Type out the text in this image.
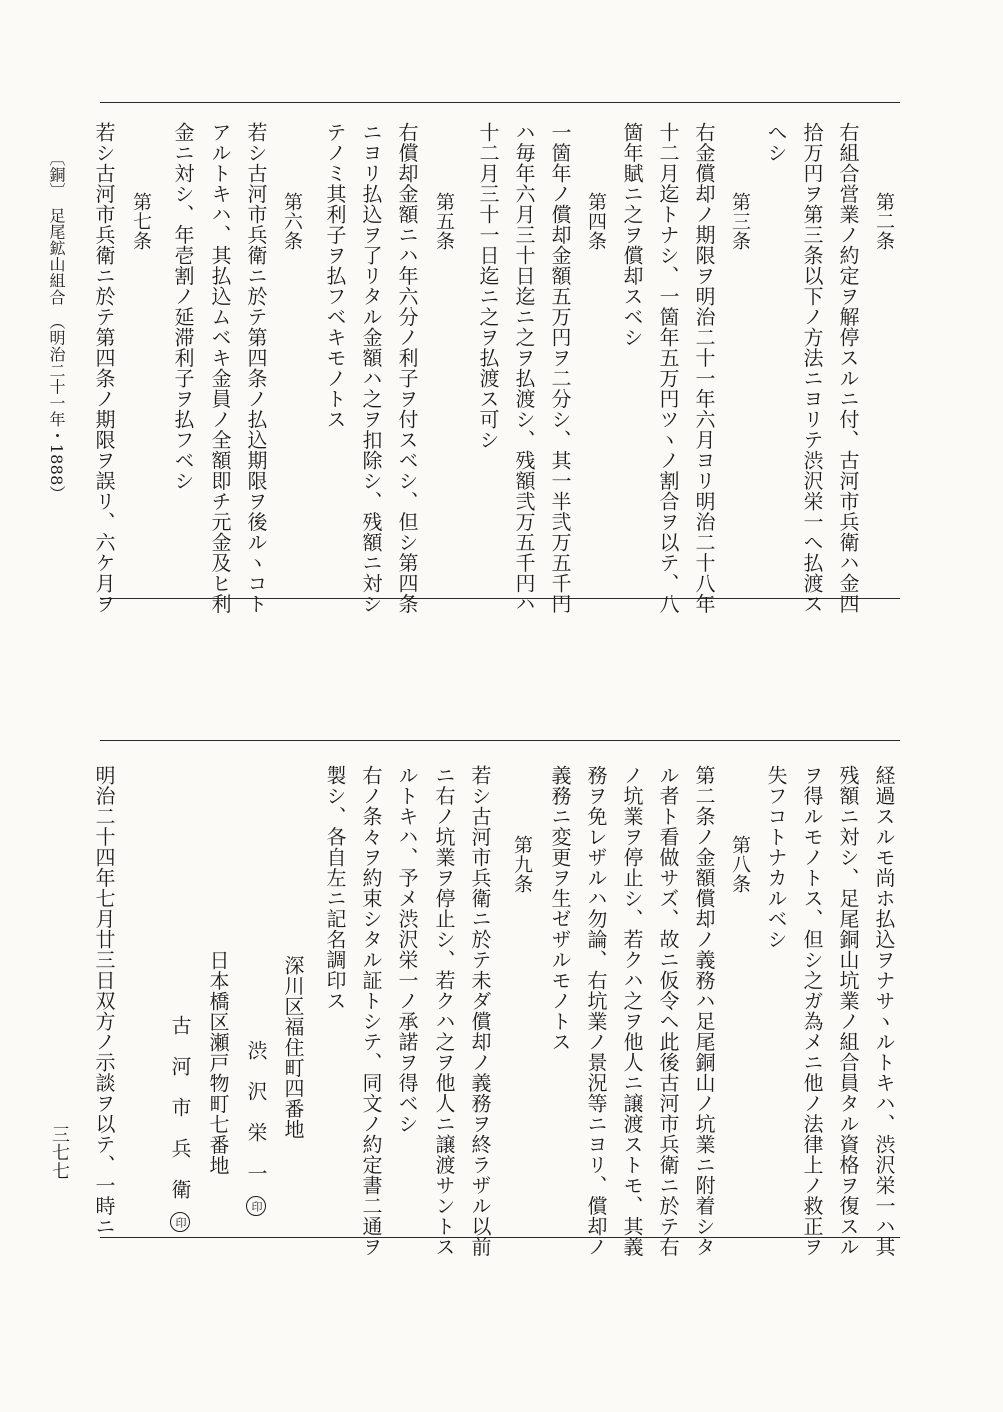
第二条
右組合営業ノ約定ヲ解停スルニ付、古河市兵衛ハ金四
拾万円ヲ第三条以下ノ方法ニヨリテ渋沢栄一へ払渡ス
へシ
第三条
右金償却ノ期限ヲ明治二十一年六月ヨリ明治二十八年
十二月迄トナシ、一箇年五万円ツヽノ割合ヲ以テ、八
箇年賦ニ之ヲ償却スベシ
第四条
一箇年ノ償却金額五万円ヲ二分シ、其一半弐万五千円
ハ毎年六月三十日迄ニ之ヲ払渡シ、残額弐万五千円ハ
十二月三十一日迄ニ之ヲ払渡ス可シ
第五条
右償却金額ニハ年六分ノ利子ヲ付スベシ、但シ第四条
ニヨリ払込ヲ了リタル金額ハ之ヲ扣除シ、残額ニ対シ
テノミ其利子ヲ払フベキモノトス
第六条
若シ古河市兵衛ニ於テ第四条ノ払込期限ヲ後ルヽコト
アルトキハ、其払込ムベキ金員ノ全額即チ元金及ヒ利
金ニ対シ、年壱割ノ延滞利子ヲ払フベシ
第七条
若シ古河市兵衛ニ於テ第四条ノ期限ヲ誤リ、六ケ月ヲ
〔銅〕　足尾鉱山組合　（明治二十一年・1888）
経過スルモ尚ホ払込ヲナサヽルトキハ、渋沢栄一ハ其
残額ニ対シ、足尾銅山坑業ノ組合員タル資格ヲ復スル
ヲ得ルモノトス、但シ之ガ為メニ他ノ法律上ノ救正ヲ
失フコトナカルベシ
第八条
第二条ノ金額償却ノ義務ハ足尾銅山ノ坑業ニ附着シタ
ル者ト看做サズ、故ニ仮令ヘ此後古河市兵衛ニ於テ右
ノ坑業ヲ停止シ、若クハ之ヲ他人ニ譲渡ストモ、其義
務ヲ免レザルハ勿論、右坑業ノ景況等ニヨリ、償却ノ
義務ニ変更ヲ生ゼザルモノトス
第九条
若シ古河市兵衛ニ於テ未ダ償却ノ義務ヲ終ラザル以前
ニ右ノ坑業ヲ停止シ、若クハ之ヲ他人ニ譲渡サントス
ルトキハ、予メ渋沢栄一ノ承諾ヲ得ベシ
右ノ条々ヲ約束シタル証トシテ、同文ノ約定書二通ヲ
製シ、各自左ニ記名調印ス
古　河　市　兵　衛 印
日本橋区瀬戸物町七番地 渋　沢　栄　一 印
深川区福住町四番地
明治二十四年七月廿三日双方ノ示談ヲ以テ、一時ニ
三七七
